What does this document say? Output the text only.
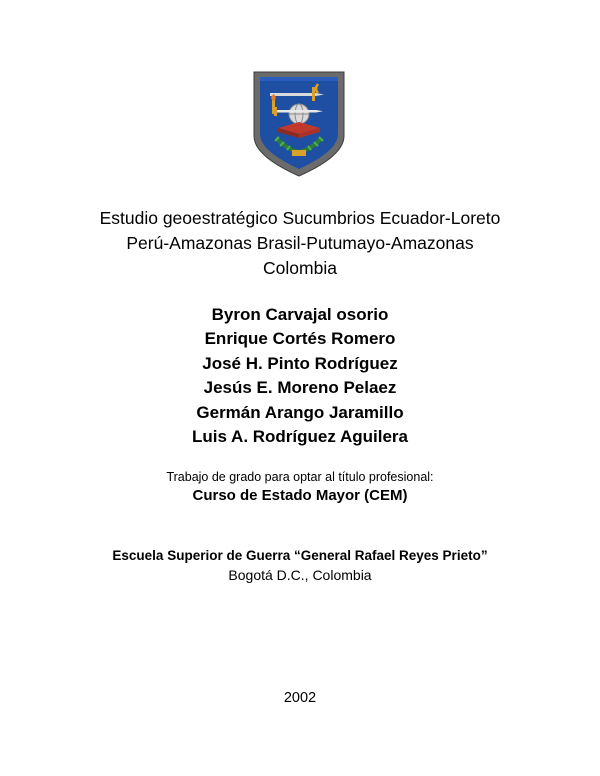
Estudio geoestratégico Sucumbrios Ecuador-Loreto
Perú-Amazonas Brasil-Putumayo-Amazonas
Colombia
Byron Carvajal osorio
Enrique Cortés Romero
José H. Pinto Rodríguez
Jesús E. Moreno Pelaez
Germán Arango Jaramillo
Luis A. Rodríguez Aguilera
Trabajo de grado para optar al título profesional:
Curso de Estado Mayor (CEM)
Escuela Superior de Guerra “General Rafael Reyes Prieto”
Bogotá D.C., Colombia
2002
